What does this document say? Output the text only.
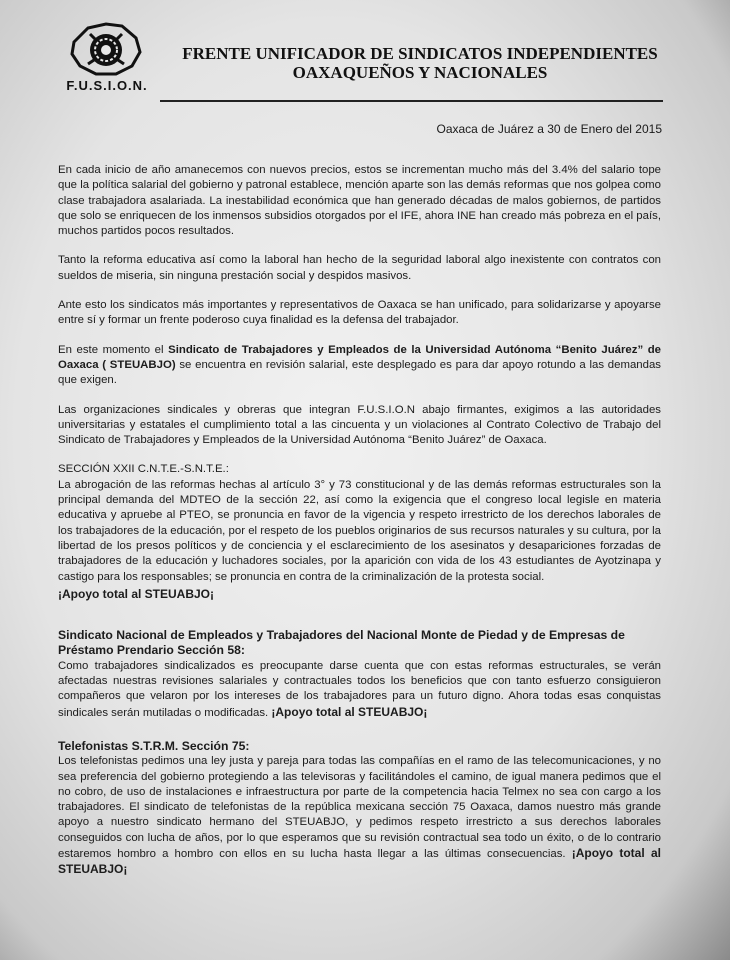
F.U.S.I.O.N.
FRENTE UNIFICADOR DE SINDICATOS INDEPENDIENTES
OAXAQUEÑOS Y NACIONALES
Oaxaca de Juárez a 30 de Enero del 2015

En cada inicio de año amanecemos con nuevos precios, estos se incrementan mucho más del 3.4% del salario tope que la política salarial del gobierno y patronal establece, mención aparte son las demás reformas que nos golpea como clase trabajadora asalariada. La inestabilidad económica que han generado décadas de malos gobiernos, de partidos que solo se enriquecen de los inmensos subsidios otorgados por el IFE, ahora INE han creado más pobreza en el país, muchos partidos pocos resultados.

Tanto la reforma educativa así como la laboral han hecho de la seguridad laboral algo inexistente con contratos con sueldos de miseria, sin ninguna prestación social y despidos masivos.

Ante esto los sindicatos más importantes y representativos de Oaxaca se han unificado, para solidarizarse y apoyarse entre sí y formar un frente poderoso cuya finalidad es la defensa del trabajador.

En este momento el Sindicato de Trabajadores y Empleados de la Universidad Autónoma “Benito Juárez” de Oaxaca ( STEUABJO) se encuentra en revisión salarial, este desplegado es para dar apoyo rotundo a las demandas que exigen.

Las organizaciones sindicales y obreras que integran F.U.S.I.O.N abajo firmantes, exigimos a las autoridades universitarias y estatales el cumplimiento total a las cincuenta y un violaciones al Contrato Colectivo de Trabajo del Sindicato de Trabajadores y Empleados de la Universidad Autónoma “Benito Juárez” de Oaxaca.

SECCIÓN XXII C.N.T.E.-S.N.T.E.:

La abrogación de las reformas hechas al artículo 3° y 73 constitucional y de las demás reformas estructurales son la principal demanda del MDTEO de la sección 22, así como la exigencia que el congreso local legisle en materia educativa y apruebe al PTEO, se pronuncia en favor de la vigencia y respeto irrestricto de los derechos laborales de los trabajadores de la educación, por el respeto de los pueblos originarios de sus recursos naturales y su cultura, por la libertad de los presos políticos y de conciencia y el esclarecimiento de los asesinatos y desapariciones forzadas de trabajadores de la educación y luchadores sociales, por la aparición con vida de los 43 estudiantes de Ayotzinapa y castigo para los responsables; se pronuncia en contra de la criminalización de la protesta social.

¡Apoyo total al STEUABJO¡
Sindicato Nacional de Empleados y Trabajadores del Nacional Monte de Piedad y de Empresas de Préstamo Prendario Sección 58:

Como trabajadores sindicalizados es preocupante darse cuenta que con estas reformas estructurales, se verán afectadas nuestras revisiones salariales y contractuales todos los beneficios que con tanto esfuerzo consiguieron compañeros que velaron por los intereses de los trabajadores para un futuro digno. Ahora todas esas conquistas sindicales serán mutiladas o modificadas. ¡Apoyo total al STEUABJO¡

Telefonistas S.T.R.M. Sección 75:

Los telefonistas pedimos una ley justa y pareja para todas las compañías en el ramo de las telecomunicaciones, y no sea preferencia del gobierno protegiendo a las televisoras y facilitándoles el camino, de igual manera pedimos que el no cobro, de uso de instalaciones e infraestructura por parte de la competencia hacia Telmex no sea con cargo a los trabajadores. El sindicato de telefonistas de la república mexicana sección 75 Oaxaca, damos nuestro más grande apoyo a nuestro sindicato hermano del STEUABJO, y pedimos respeto irrestricto a sus derechos laborales conseguidos con lucha de años, por lo que esperamos que su revisión contractual sea todo un éxito, o de lo contrario estaremos hombro a hombro con ellos en su lucha hasta llegar a las últimas consecuencias. ¡Apoyo total al STEUABJO¡
